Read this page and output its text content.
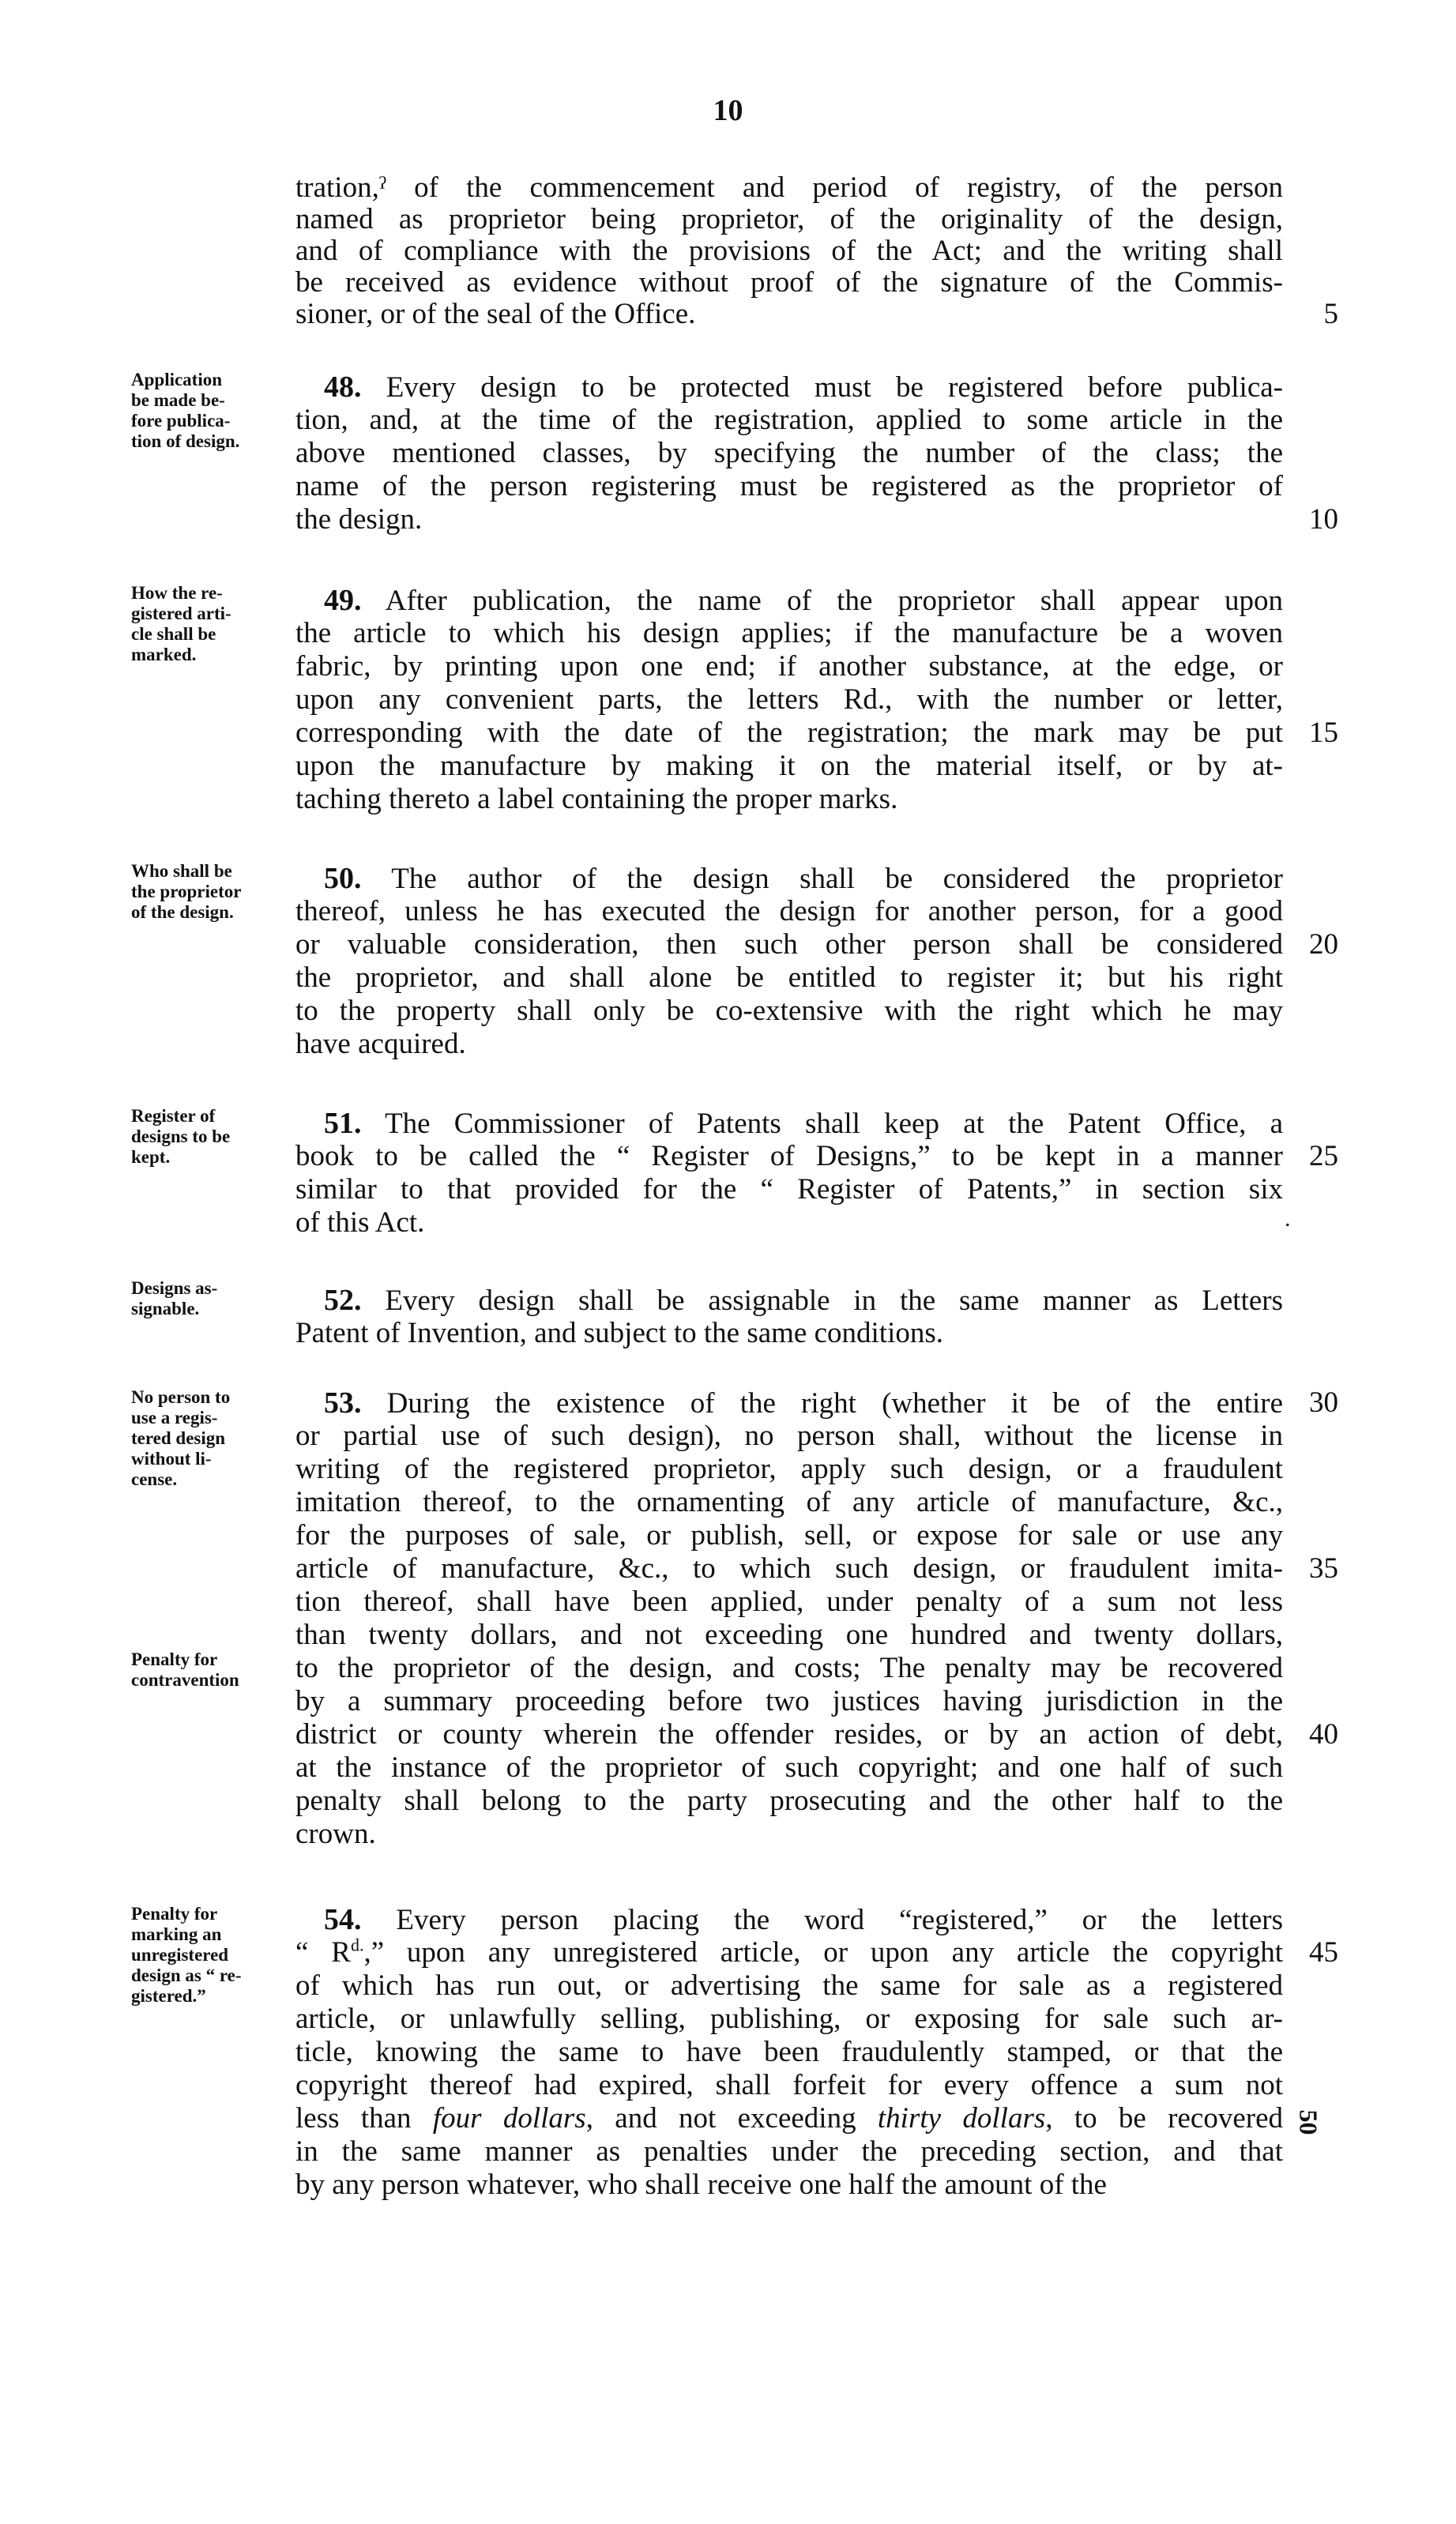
10
tration,ˀ of the commencement and period of registry, of the person
named as proprietor being proprietor, of the originality of the design,
and of compliance with the provisions of the Act; and the writing shall
be received as evidence without proof of the signature of the Commis-
sioner, or of the seal of the Office.	5
Application
be made be-
fore publica-
tion of design.
48. Every design to be protected must be registered before publica-
tion, and, at the time of the registration, applied to some article in the
above mentioned classes, by specifying the number of the class; the
name of the person registering must be registered as the proprietor of
the design.	10
How the re-
gistered arti-
cle shall be
marked.
49. After publication, the name of the proprietor shall appear upon
the article to which his design applies; if the manufacture be a woven
fabric, by printing upon one end; if another substance, at the edge, or
upon any convenient parts, the letters Rd., with the number or letter,
corresponding with the date of the registration; the mark may be put 15
upon the manufacture by making it on the material itself, or by at-
taching thereto a label containing the proper marks.
Who shall be
the proprietor
of the design.
50. The author of the design shall be considered the proprietor
thereof, unless he has executed the design for another person, for a good
or valuable consideration, then such other person shall be considered 20
the proprietor, and shall alone be entitled to register it; but his right
to the property shall only be co-extensive with the right which he may
have acquired.
Register of
designs to be
kept.
51. The Commissioner of Patents shall keep at the Patent Office, a
book to be called the “ Register of Designs,” to be kept in a manner 25
similar to that provided for the “ Register of Patents,” in section six
of this Act.	.
Designs as-
signable.	52. Every design shall be assignable in the same manner as Letters
Patent of Invention, and subject to the same conditions.
No person to
use a regis-
tered design
without li-
cense.
53. During the existence of the right (whether it be of the entire 30
or partial use of such design), no person shall, without the license in
writing of the registered proprietor, apply such design, or a fraudulent
imitation thereof, to the ornamenting of any article of manufacture, &c.,
for the purposes of sale, or publish, sell, or expose for sale or use any
article of manufacture, &c., to which such design, or fraudulent imita- 35
tion thereof, shall have been applied, under penalty of a sum not less
than twenty dollars, and not exceeding one hundred and twenty dollars,
Penalty for
contravention	to the proprietor of the design, and costs; The penalty may be recovered
by a summary proceeding before two justices having jurisdiction in the
district or county wherein the offender resides, or by an action of debt, 40
at the instance of the proprietor of such copyright; and one half of such
penalty shall belong to the party prosecuting and the other half to the
crown.
Penalty for
marking an
unregistered
design as “ re-
gistered.”
54. Every person placing the word “registered,” or the letters
“ $R^{d.}$,” upon any unregistered article, or upon any article the copyright 45
of which has run out, or advertising the same for sale as a registered
article, or unlawfully selling, publishing, or exposing for sale such ar-
ticle, knowing the same to have been fraudulently stamped, or that the
copyright thereof had expired, shall forfeit for every offence a sum not
less than four dollars, and not exceeding thirty dollars, to be recovered
in the same manner as penalties under the preceding section, and that
by any person whatever, who shall receive one half the amount of the
50
